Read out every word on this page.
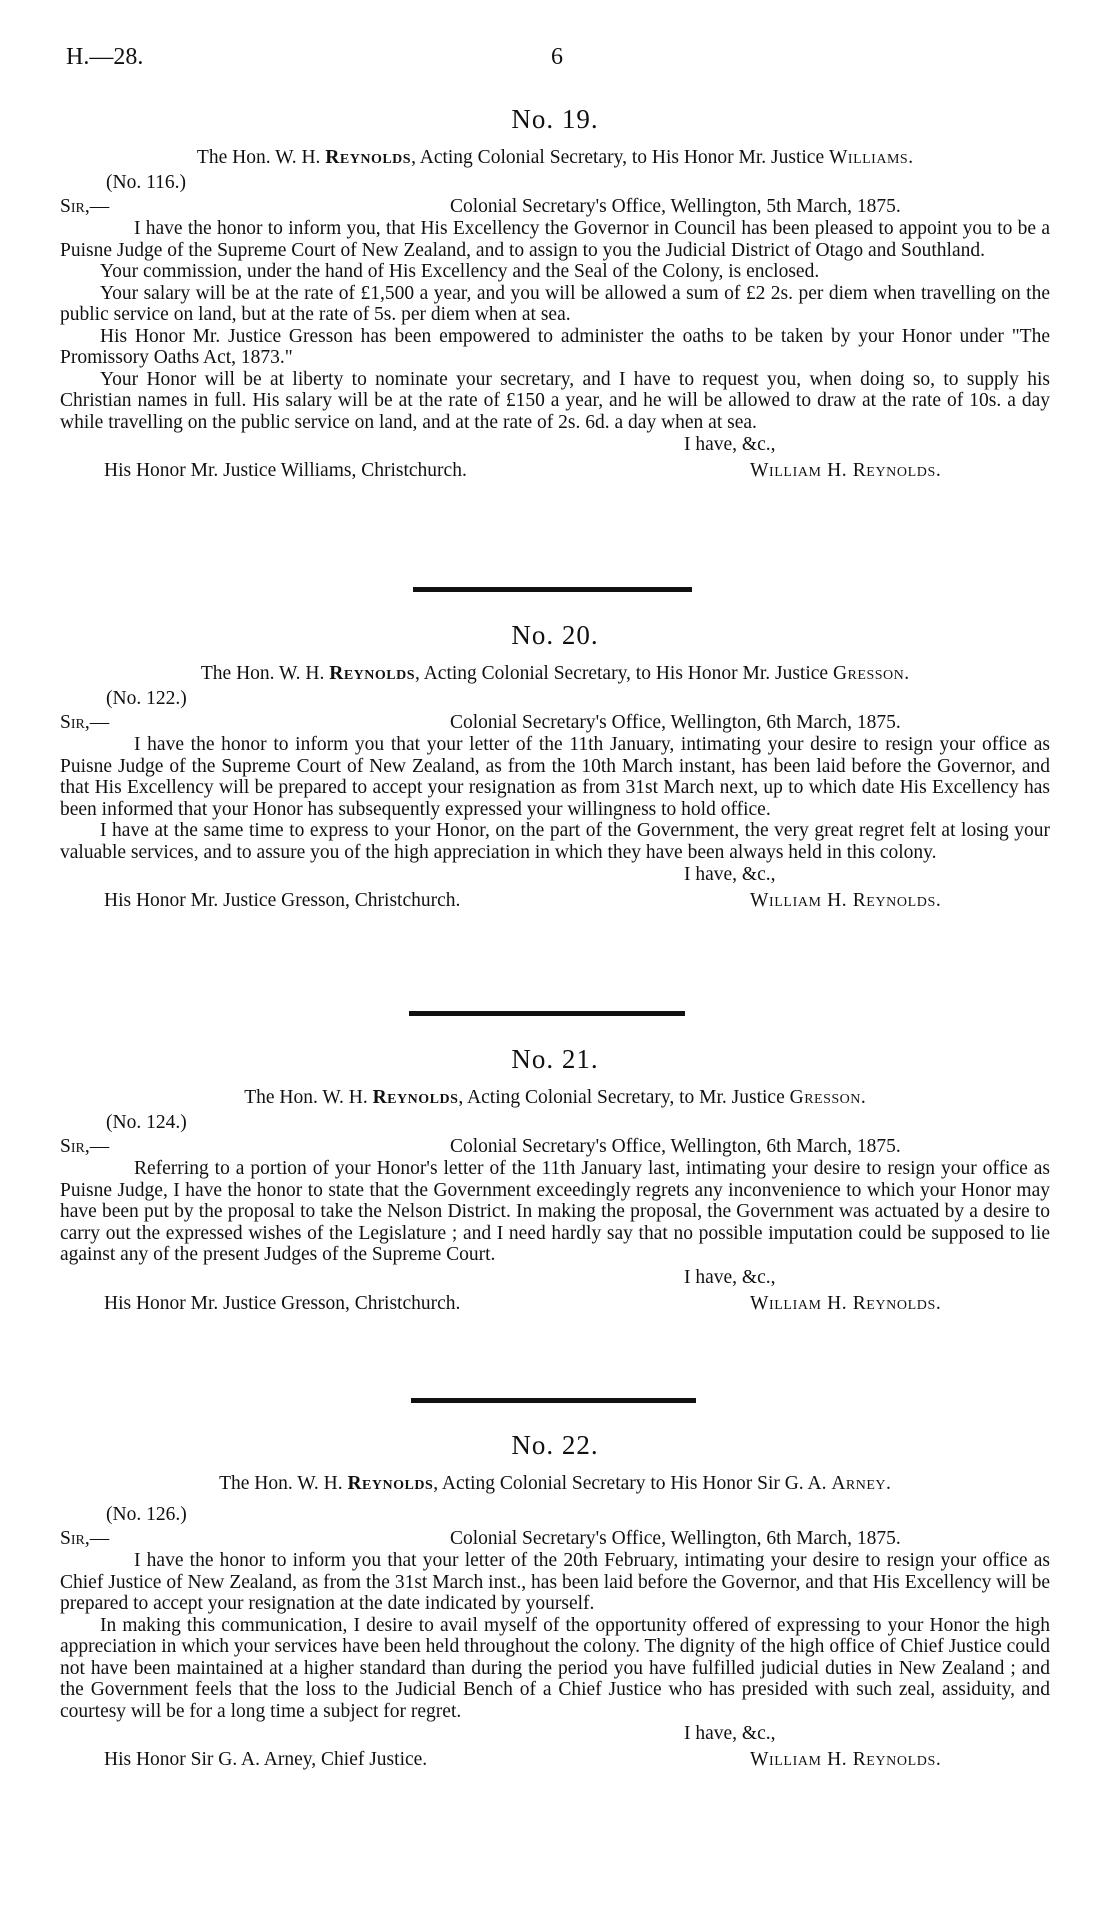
H.—28.	6
No. 19.

The Hon. W. H. Reynolds, Acting Colonial Secretary, to His Honor Mr. Justice Williams.

(No. 116.)

Sir,—	Colonial Secretary's Office, Wellington, 5th March, 1875.

I have the honor to inform you, that His Excellency the Governor in Council has been pleased to appoint you to be a Puisne Judge of the Supreme Court of New Zealand, and to assign to you the Judicial District of Otago and Southland.

Your commission, under the hand of His Excellency and the Seal of the Colony, is enclosed.

Your salary will be at the rate of £1,500 a year, and you will be allowed a sum of £2 2s. per diem when travelling on the public service on land, but at the rate of 5s. per diem when at sea.

His Honor Mr. Justice Gresson has been empowered to administer the oaths to be taken by your Honor under "The Promissory Oaths Act, 1873."

Your Honor will be at liberty to nominate your secretary, and I have to request you, when doing so, to supply his Christian names in full. His salary will be at the rate of £150 a year, and he will be allowed to draw at the rate of 10s. a day while travelling on the public service on land, and at the rate of 2s. 6d. a day when at sea.

I have, &c.,
His Honor Mr. Justice Williams, Christchurch.	William H. Reynolds.
No. 20.

The Hon. W. H. Reynolds, Acting Colonial Secretary, to His Honor Mr. Justice Gresson.

(No. 122.)

Sir,—	Colonial Secretary's Office, Wellington, 6th March, 1875.

I have the honor to inform you that your letter of the 11th January, intimating your desire to resign your office as Puisne Judge of the Supreme Court of New Zealand, as from the 10th March instant, has been laid before the Governor, and that His Excellency will be prepared to accept your resignation as from 31st March next, up to which date His Excellency has been informed that your Honor has subsequently expressed your willingness to hold office.

I have at the same time to express to your Honor, on the part of the Government, the very great regret felt at losing your valuable services, and to assure you of the high appreciation in which they have been always held in this colony.

I have, &c.,
His Honor Mr. Justice Gresson, Christchurch.	William H. Reynolds.
No. 21.

The Hon. W. H. Reynolds, Acting Colonial Secretary, to Mr. Justice Gresson.

(No. 124.)

Sir,—	Colonial Secretary's Office, Wellington, 6th March, 1875.

Referring to a portion of your Honor's letter of the 11th January last, intimating your desire to resign your office as Puisne Judge, I have the honor to state that the Government exceedingly regrets any inconvenience to which your Honor may have been put by the proposal to take the Nelson District. In making the proposal, the Government was actuated by a desire to carry out the expressed wishes of the Legislature ; and I need hardly say that no possible imputation could be supposed to lie against any of the present Judges of the Supreme Court.

I have, &c.,
His Honor Mr. Justice Gresson, Christchurch.	William H. Reynolds.
No. 22.

The Hon. W. H. Reynolds, Acting Colonial Secretary to His Honor Sir G. A. Arney.

(No. 126.)

Sir,—	Colonial Secretary's Office, Wellington, 6th March, 1875.

I have the honor to inform you that your letter of the 20th February, intimating your desire to resign your office as Chief Justice of New Zealand, as from the 31st March inst., has been laid before the Governor, and that His Excellency will be prepared to accept your resignation at the date indicated by yourself.

In making this communication, I desire to avail myself of the opportunity offered of expressing to your Honor the high appreciation in which your services have been held throughout the colony. The dignity of the high office of Chief Justice could not have been maintained at a higher standard than during the period you have fulfilled judicial duties in New Zealand ; and the Government feels that the loss to the Judicial Bench of a Chief Justice who has presided with such zeal, assiduity, and courtesy will be for a long time a subject for regret.

I have, &c.,
His Honor Sir G. A. Arney, Chief Justice.	William H. Reynolds.
